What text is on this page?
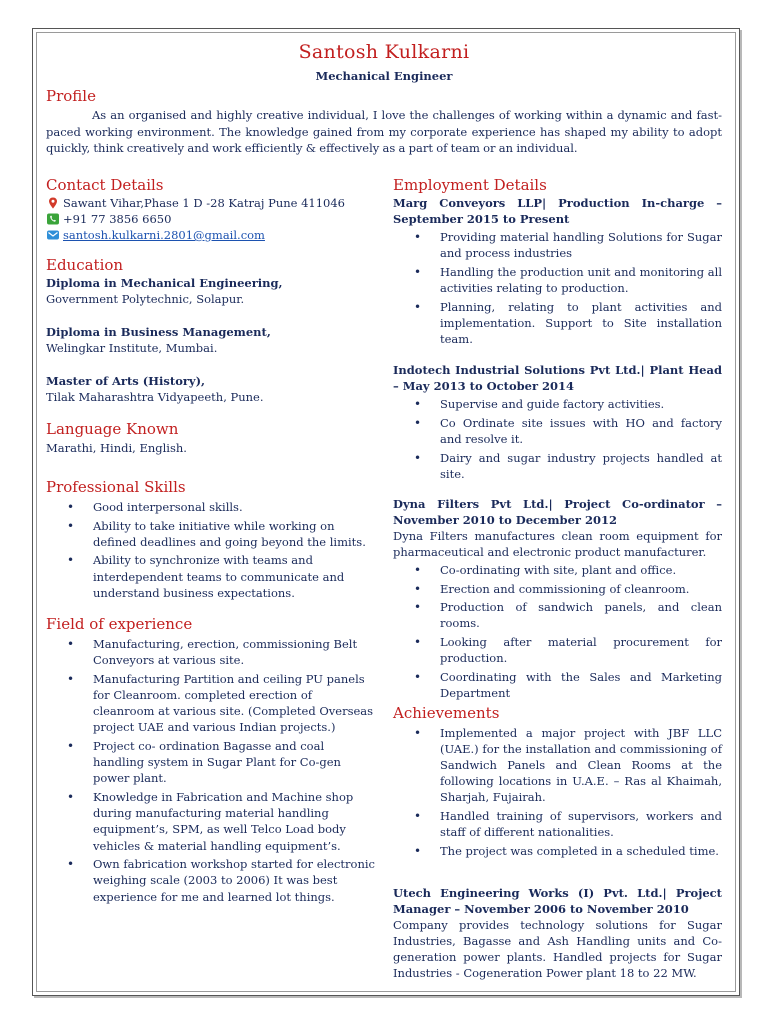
Santosh Kulkarni
Mechanical Engineer
Profile

As an organised and highly creative individual, I love the challenges of working within a dynamic and fast-paced working environment. The knowledge gained from my corporate experience has shaped my ability to adopt quickly, think creatively and work efficiently & effectively as a part of team or an individual.

Contact Details
Sawant Vihar,Phase 1 D -28 Katraj Pune 411046
+91 77 3856 6650
santosh.kulkarni.2801@gmail.com
Education

Diploma in Mechanical Engineering,

Government Polytechnic, Solapur.

Diploma in Business Management,

Welingkar Institute, Mumbai.

Master of Arts (History),

Tilak Maharashtra Vidyapeeth, Pune.

Language Known

Marathi, Hindi, English.

Professional Skills
• Good interpersonal skills.
• Ability to take initiative while working on defined deadlines and going beyond the limits.
• Ability to synchronize with teams and interdependent teams to communicate and understand business expectations.
Field of experience
• Manufacturing, erection, commissioning Belt Conveyors at various site.
• Manufacturing Partition and ceiling PU panels for Cleanroom. completed erection of cleanroom at various site. (Completed Overseas project UAE and various Indian projects.)
• Project co- ordination Bagasse and coal handling system in Sugar Plant for Co-gen power plant.
• Knowledge in Fabrication and Machine shop during manufacturing material handling equipment’s, SPM, as well Telco Load body vehicles & material handling equipment’s.
• Own fabrication workshop started for electronic weighing scale (2003 to 2006) It was best experience for me and learned lot things.
Employment Details

Marg Conveyors LLP| Production In-charge – September 2015 to Present

• Providing material handling Solutions for Sugar and process industries
• Handling the production unit and monitoring all activities relating to production.
• Planning, relating to plant activities and implementation. Support to Site installation team.

Indotech Industrial Solutions Pvt Ltd.| Plant Head – May 2013 to October 2014

• Supervise and guide factory activities.
• Co Ordinate site issues with HO and factory and resolve it.
• Dairy and sugar industry projects handled at site.

Dyna Filters Pvt Ltd.| Project Co-ordinator – November 2010 to December 2012

Dyna Filters manufactures clean room equipment for pharmaceutical and electronic product manufacturer.

• Co-ordinating with site, plant and office.
• Erection and commissioning of cleanroom.
• Production of sandwich panels, and clean rooms.
• Looking after material procurement for production.
• Coordinating with the Sales and Marketing Department
Achievements
• Implemented a major project with JBF LLC (UAE.) for the installation and commissioning of Sandwich Panels and Clean Rooms at the following locations in U.A.E. – Ras al Khaimah, Sharjah, Fujairah.
• Handled training of supervisors, workers and staff of different nationalities.
• The project was completed in a scheduled time.

Utech Engineering Works (I) Pvt. Ltd.| Project Manager – November 2006 to November 2010

Company provides technology solutions for Sugar Industries, Bagasse and Ash Handling units and Co-generation power plants. Handled projects for Sugar Industries - Cogeneration Power plant 18 to 22 MW.
